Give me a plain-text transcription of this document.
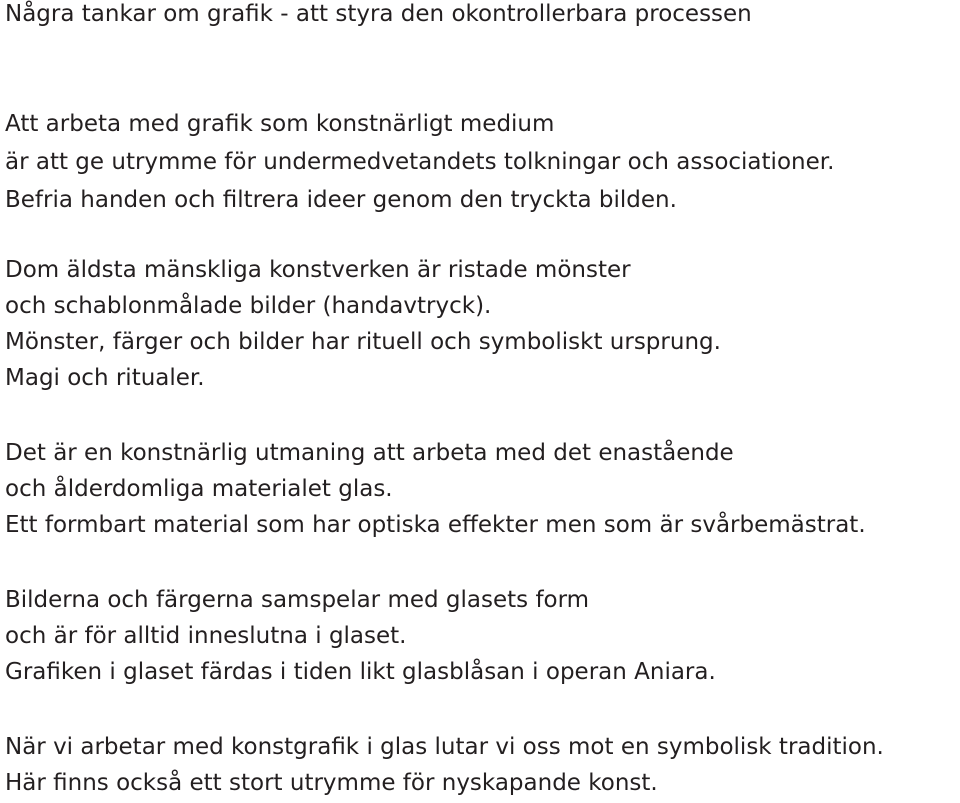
Några tankar om grafik - att styra den okontrollerbara processen
Att arbeta med grafik som konstnärligt medium
är att ge utrymme för undermedvetandets tolkningar och associationer.
Befria handen och filtrera ideer genom den tryckta bilden.
Dom äldsta mänskliga konstverken är ristade mönster
och schablonmålade bilder (handavtryck).
Mönster, färger och bilder har rituell och symboliskt ursprung.
Magi och ritualer.
Det är en konstnärlig utmaning att arbeta med det enastående
och ålderdomliga materialet glas.
Ett formbart material som har optiska effekter men som är svårbemästrat.
Bilderna och färgerna samspelar med glasets form
och är för alltid inneslutna i glaset.
Grafiken i glaset färdas i tiden likt glasblåsan i operan Aniara.
När vi arbetar med konstgrafik i glas lutar vi oss mot en symbolisk tradition.
Här finns också ett stort utrymme för nyskapande konst.
